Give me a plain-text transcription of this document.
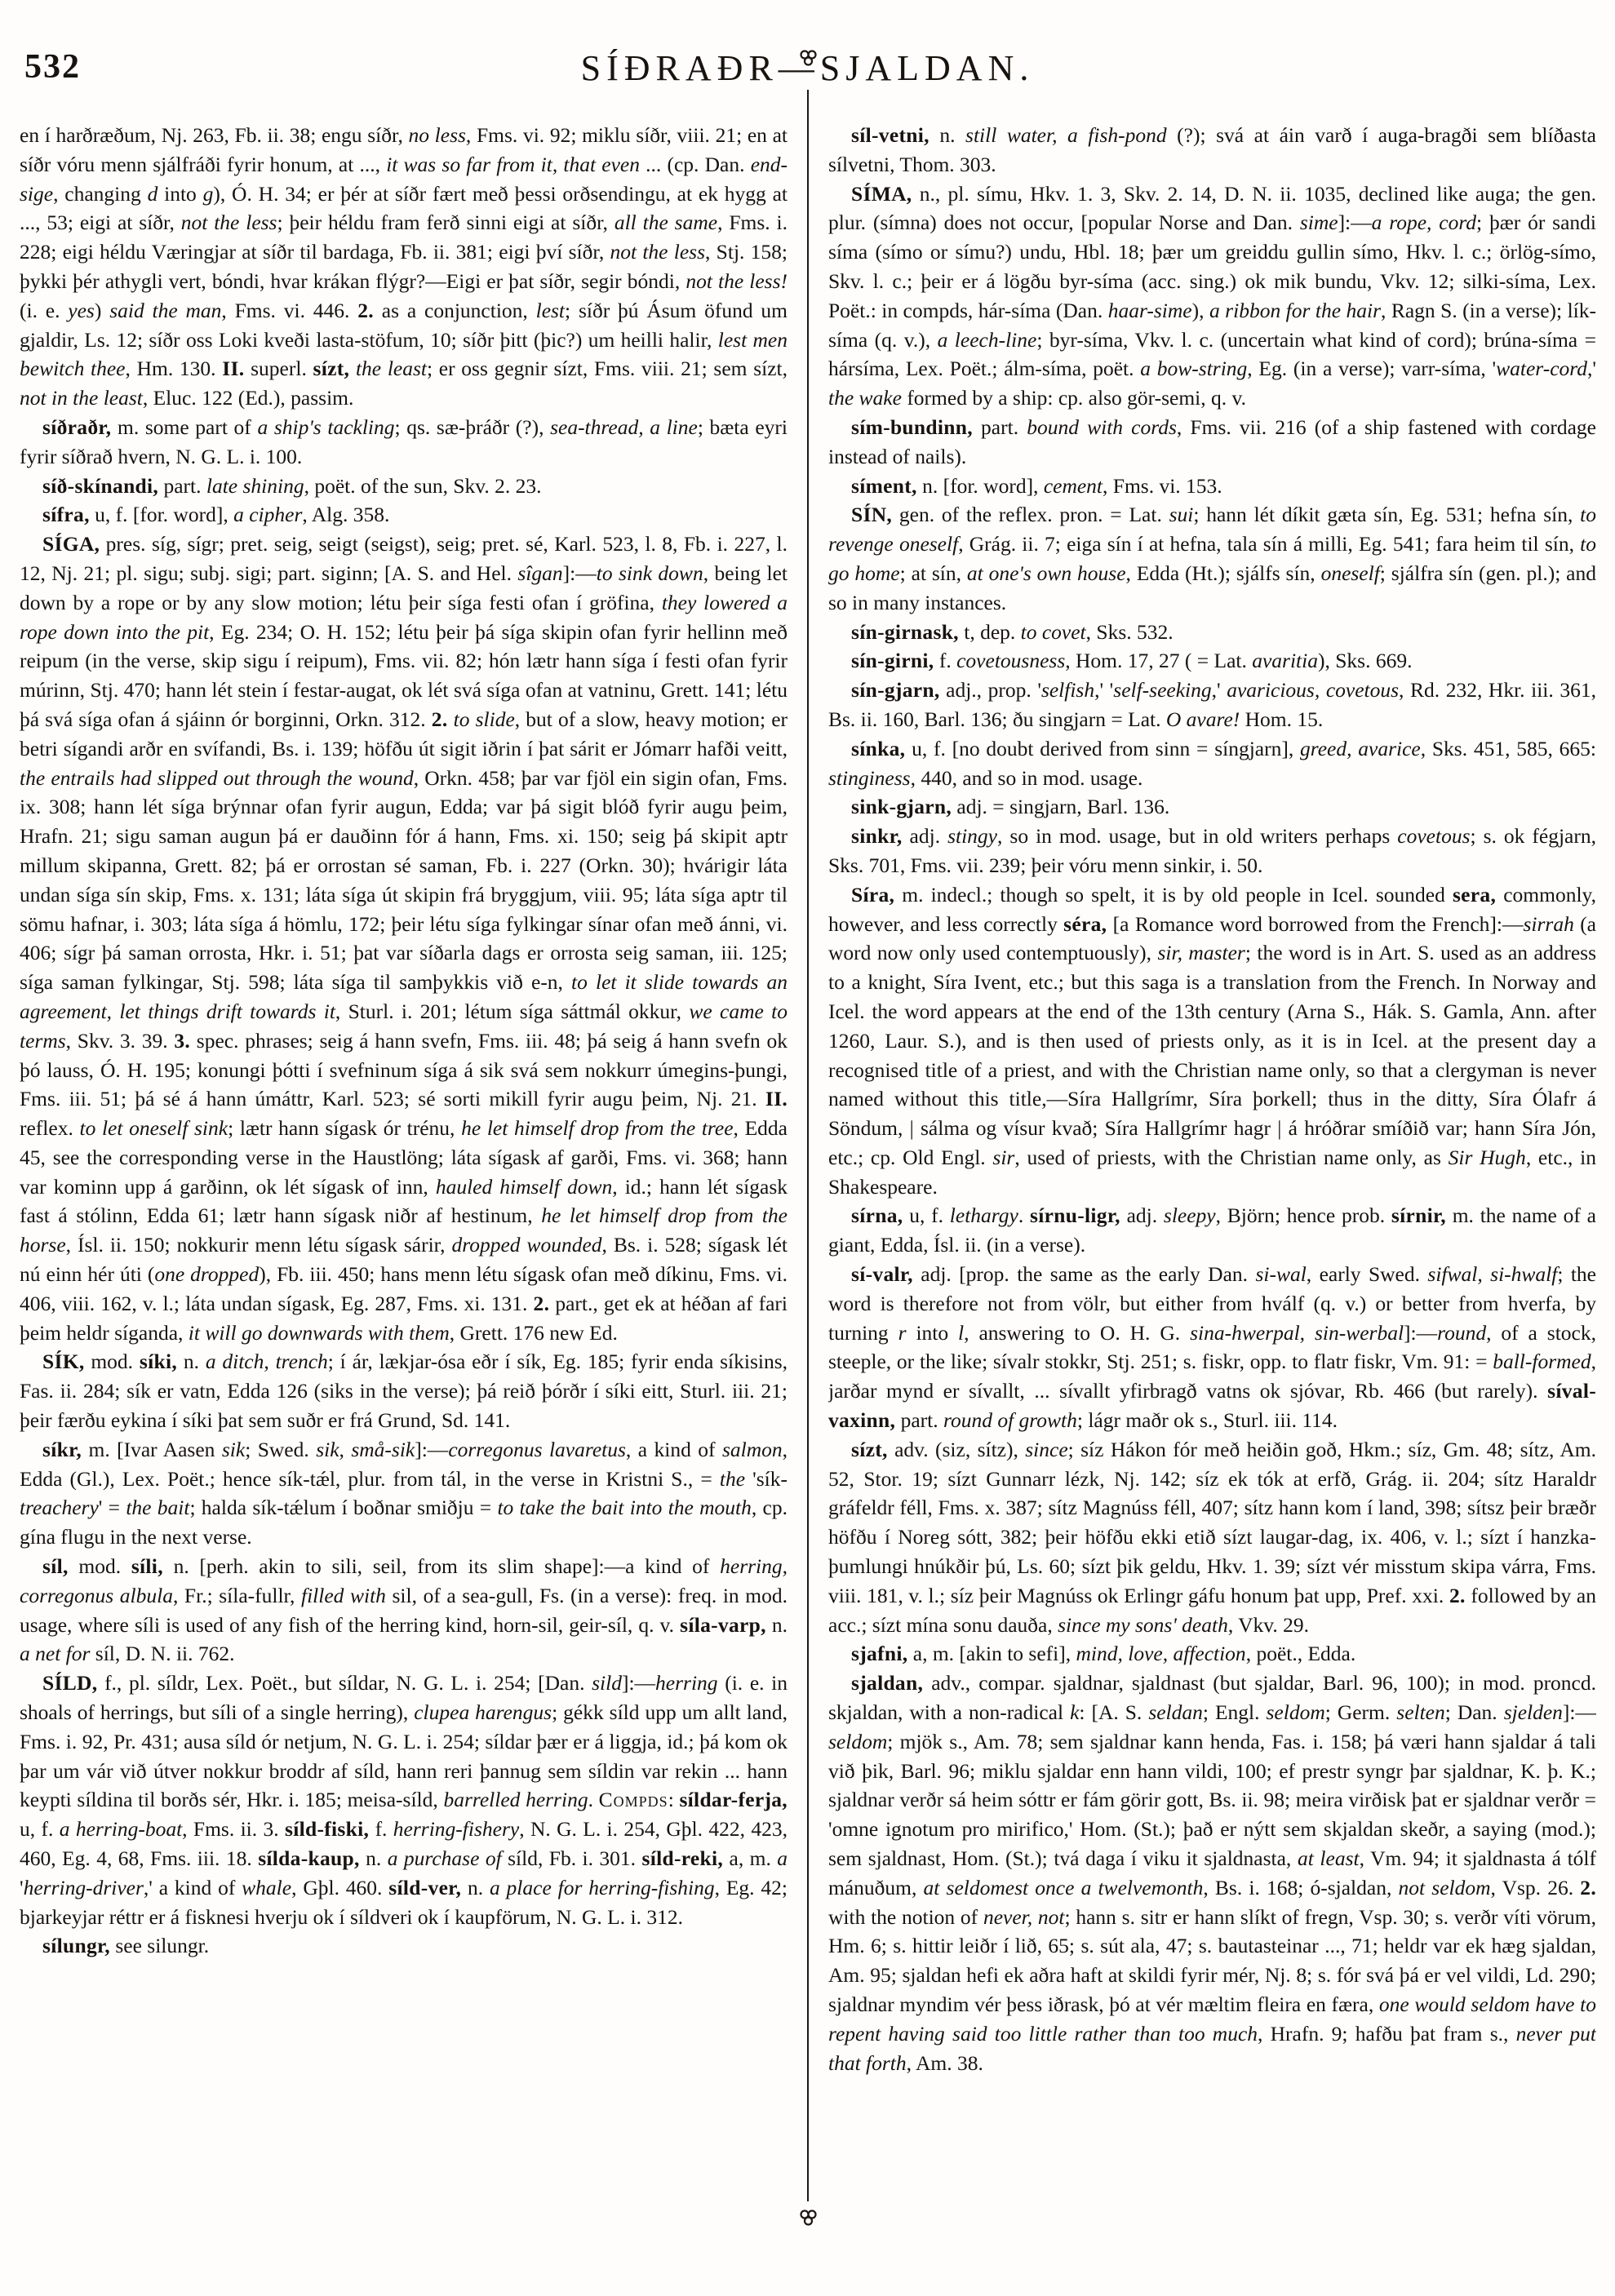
532	SÍÐRAÐR—SJALDAN.

en í harðræðum, Nj. 263, Fb. ii. 38; engu síðr, no less, Fms. vi. 92; miklu síðr, viii. 21; en at síðr vóru menn sjálfráði fyrir honum, at ..., it was so far from it, that even ... (cp. Dan. end-sige, changing d into g), Ó. H. 34; er þér at síðr fært með þessi orðsendingu, at ek hygg at ..., 53; eigi at síðr, not the less; þeir héldu fram ferð sinni eigi at síðr, all the same, Fms. i. 228; eigi héldu Væringjar at síðr til bardaga, Fb. ii. 381; eigi því síðr, not the less, Stj. 158; þykki þér athygli vert, bóndi, hvar krákan flýgr?—Eigi er þat síðr, segir bóndi, not the less! (i. e. yes) said the man, Fms. vi. 446. 2. as a conjunction, lest; síðr þú Ásum öfund um gjaldir, Ls. 12; síðr oss Loki kveði lasta-stöfum, 10; síðr þitt (þic?) um heilli halir, lest men bewitch thee, Hm. 130. II. superl. sízt, the least; er oss gegnir sízt, Fms. viii. 21; sem sízt, not in the least, Eluc. 122 (Ed.), passim.

síðraðr, m. some part of a ship's tackling; qs. sæ-þráðr (?), sea-thread, a line; bæta eyri fyrir síðrað hvern, N. G. L. i. 100.

síð-skínandi, part. late shining, poët. of the sun, Skv. 2. 23.

sífra, u, f. [for. word], a cipher, Alg. 358.

SÍGA, pres. síg, sígr; pret. seig, seigt (seigst), seig; pret. sé, Karl. 523, l. 8, Fb. i. 227, l. 12, Nj. 21; pl. sigu; subj. sigi; part. siginn; [A. S. and Hel. sîgan]:—to sink down, being let down by a rope or by any slow motion; létu þeir síga festi ofan í gröfina, they lowered a rope down into the pit, Eg. 234; O. H. 152; létu þeir þá síga skipin ofan fyrir hellinn með reipum (in the verse, skip sigu í reipum), Fms. vii. 82; hón lætr hann síga í festi ofan fyrir múrinn, Stj. 470; hann lét stein í festar-augat, ok lét svá síga ofan at vatninu, Grett. 141; létu þá svá síga ofan á sjáinn ór borginni, Orkn. 312. 2. to slide, but of a slow, heavy motion; er betri sígandi arðr en svífandi, Bs. i. 139; höfðu út sigit iðrin í þat sárit er Jómarr hafði veitt, the entrails had slipped out through the wound, Orkn. 458; þar var fjöl ein sigin ofan, Fms. ix. 308; hann lét síga brýnnar ofan fyrir augun, Edda; var þá sigit blóð fyrir augu þeim, Hrafn. 21; sigu saman augun þá er dauðinn fór á hann, Fms. xi. 150; seig þá skipit aptr millum skipanna, Grett. 82; þá er orrostan sé saman, Fb. i. 227 (Orkn. 30); hvárigir láta undan síga sín skip, Fms. x. 131; láta síga út skipin frá bryggjum, viii. 95; láta síga aptr til sömu hafnar, i. 303; láta síga á hömlu, 172; þeir létu síga fylkingar sínar ofan með ánni, vi. 406; sígr þá saman orrosta, Hkr. i. 51; þat var síðarla dags er orrosta seig saman, iii. 125; síga saman fylkingar, Stj. 598; láta síga til samþykkis við e-n, to let it slide towards an agreement, let things drift towards it, Sturl. i. 201; létum síga sáttmál okkur, we came to terms, Skv. 3. 39. 3. spec. phrases; seig á hann svefn, Fms. iii. 48; þá seig á hann svefn ok þó lauss, Ó. H. 195; konungi þótti í svefninum síga á sik svá sem nokkurr úmegins-þungi, Fms. iii. 51; þá sé á hann úmáttr, Karl. 523; sé sorti mikill fyrir augu þeim, Nj. 21. II. reflex. to let oneself sink; lætr hann sígask ór trénu, he let himself drop from the tree, Edda 45, see the corresponding verse in the Haustlöng; láta sígask af garði, Fms. vi. 368; hann var kominn upp á garðinn, ok lét sígask of inn, hauled himself down, id.; hann lét sígask fast á stólinn, Edda 61; lætr hann sígask niðr af hestinum, he let himself drop from the horse, Ísl. ii. 150; nokkurir menn létu sígask sárir, dropped wounded, Bs. i. 528; sígask lét nú einn hér úti (one dropped), Fb. iii. 450; hans menn létu sígask ofan með díkinu, Fms. vi. 406, viii. 162, v. l.; láta undan sígask, Eg. 287, Fms. xi. 131. 2. part., get ek at héðan af fari þeim heldr síganda, it will go downwards with them, Grett. 176 new Ed.

SÍK, mod. síki, n. a ditch, trench; í ár, lækjar-ósa eðr í sík, Eg. 185; fyrir enda síkisins, Fas. ii. 284; sík er vatn, Edda 126 (siks in the verse); þá reið þórðr í síki eitt, Sturl. iii. 21; þeir færðu eykina í síki þat sem suðr er frá Grund, Sd. 141.

síkr, m. [Ivar Aasen sik; Swed. sik, små-sik]:—corregonus lavaretus, a kind of salmon, Edda (Gl.), Lex. Poët.; hence sík-tǽl, plur. from tál, in the verse in Kristni S., = the 'sík-treachery' = the bait; halda sík-tǽlum í boðnar smiðju = to take the bait into the mouth, cp. gína flugu in the next verse.

síl, mod. síli, n. [perh. akin to sili, seil, from its slim shape]:—a kind of herring, corregonus albula, Fr.; síla-fullr, filled with sil, of a sea-gull, Fs. (in a verse): freq. in mod. usage, where síli is used of any fish of the herring kind, horn-sil, geir-síl, q. v. síla-varp, n. a net for síl, D. N. ii. 762.

SÍLD, f., pl. síldr, Lex. Poët., but síldar, N. G. L. i. 254; [Dan. sild]:—herring (i. e. in shoals of herrings, but síli of a single herring), clupea harengus; gékk síld upp um allt land, Fms. i. 92, Pr. 431; ausa síld ór netjum, N. G. L. i. 254; síldar þær er á liggja, id.; þá kom ok þar um vár við útver nokkur broddr af síld, hann reri þannug sem síldin var rekin ... hann keypti síldina til borðs sér, Hkr. i. 185; meisa-síld, barrelled herring. Compds: síldar-ferja, u, f. a herring-boat, Fms. ii. 3. síld-fiski, f. herring-fishery, N. G. L. i. 254, Gþl. 422, 423, 460, Eg. 4, 68, Fms. iii. 18. sílda-kaup, n. a purchase of síld, Fb. i. 301. síld-reki, a, m. a 'herring-driver,' a kind of whale, Gþl. 460. síld-ver, n. a place for herring-fishing, Eg. 42; bjarkeyjar réttr er á fisknesi hverju ok í síldveri ok í kaupförum, N. G. L. i. 312.

sílungr, see silungr.

síl-vetni, n. still water, a fish-pond (?); svá at áin varð í auga-bragði sem blíðasta sílvetni, Thom. 303.

SÍMA, n., pl. símu, Hkv. 1. 3, Skv. 2. 14, D. N. ii. 1035, declined like auga; the gen. plur. (símna) does not occur, [popular Norse and Dan. sime]:—a rope, cord; þær ór sandi síma (símo or símu?) undu, Hbl. 18; þær um greiddu gullin símo, Hkv. l. c.; örlög-símo, Skv. l. c.; þeir er á lögðu byr-síma (acc. sing.) ok mik bundu, Vkv. 12; silki-síma, Lex. Poët.: in compds, hár-síma (Dan. haar-sime), a ribbon for the hair, Ragn S. (in a verse); lík-síma (q. v.), a leech-line; byr-síma, Vkv. l. c. (uncertain what kind of cord); brúna-síma = hársíma, Lex. Poët.; álm-síma, poët. a bow-string, Eg. (in a verse); varr-síma, 'water-cord,' the wake formed by a ship: cp. also gör-semi, q. v.

sím-bundinn, part. bound with cords, Fms. vii. 216 (of a ship fastened with cordage instead of nails).

síment, n. [for. word], cement, Fms. vi. 153.

SÍN, gen. of the reflex. pron. = Lat. sui; hann lét díkit gæta sín, Eg. 531; hefna sín, to revenge oneself, Grág. ii. 7; eiga sín í at hefna, tala sín á milli, Eg. 541; fara heim til sín, to go home; at sín, at one's own house, Edda (Ht.); sjálfs sín, oneself; sjálfra sín (gen. pl.); and so in many instances.

sín-girnask, t, dep. to covet, Sks. 532.

sín-girni, f. covetousness, Hom. 17, 27 ( = Lat. avaritia), Sks. 669.

sín-gjarn, adj., prop. 'selfish,' 'self-seeking,' avaricious, covetous, Rd. 232, Hkr. iii. 361, Bs. ii. 160, Barl. 136; ðu singjarn = Lat. O avare! Hom. 15.

sínka, u, f. [no doubt derived from sinn = síngjarn], greed, avarice, Sks. 451, 585, 665: stinginess, 440, and so in mod. usage.

sink-gjarn, adj. = singjarn, Barl. 136.

sinkr, adj. stingy, so in mod. usage, but in old writers perhaps covetous; s. ok fégjarn, Sks. 701, Fms. vii. 239; þeir vóru menn sinkir, i. 50.

Síra, m. indecl.; though so spelt, it is by old people in Icel. sounded sera, commonly, however, and less correctly séra, [a Romance word borrowed from the French]:—sirrah (a word now only used contemptuously), sir, master; the word is in Art. S. used as an address to a knight, Síra Ivent, etc.; but this saga is a translation from the French. In Norway and Icel. the word appears at the end of the 13th century (Arna S., Hák. S. Gamla, Ann. after 1260, Laur. S.), and is then used of priests only, as it is in Icel. at the present day a recognised title of a priest, and with the Christian name only, so that a clergyman is never named without this title,—Síra Hallgrímr, Síra þorkell; thus in the ditty, Síra Ólafr á Söndum, | sálma og vísur kvað; Síra Hallgrímr hagr | á hróðrar smíðið var; hann Síra Jón, etc.; cp. Old Engl. sir, used of priests, with the Christian name only, as Sir Hugh, etc., in Shakespeare.

sírna, u, f. lethargy. sírnu-ligr, adj. sleepy, Björn; hence prob. sírnir, m. the name of a giant, Edda, Ísl. ii. (in a verse).

sí-valr, adj. [prop. the same as the early Dan. si-wal, early Swed. sifwal, si-hwalf; the word is therefore not from völr, but either from hválf (q. v.) or better from hverfa, by turning r into l, answering to O. H. G. sina-hwerpal, sin-werbal]:—round, of a stock, steeple, or the like; sívalr stokkr, Stj. 251; s. fiskr, opp. to flatr fiskr, Vm. 91: = ball-formed, jarðar mynd er sívallt, ... sívallt yfirbragð vatns ok sjóvar, Rb. 466 (but rarely). síval-vaxinn, part. round of growth; lágr maðr ok s., Sturl. iii. 114.

sízt, adv. (siz, sítz), since; síz Hákon fór með heiðin goð, Hkm.; síz, Gm. 48; sítz, Am. 52, Stor. 19; sízt Gunnarr lézk, Nj. 142; síz ek tók at erfð, Grág. ii. 204; sítz Haraldr gráfeldr féll, Fms. x. 387; sítz Magnúss féll, 407; sítz hann kom í land, 398; sítsz þeir bræðr höfðu í Noreg sótt, 382; þeir höfðu ekki etið sízt laugar-dag, ix. 406, v. l.; sízt í hanzka-þumlungi hnúkðir þú, Ls. 60; sízt þik geldu, Hkv. 1. 39; sízt vér misstum skipa várra, Fms. viii. 181, v. l.; síz þeir Magnúss ok Erlingr gáfu honum þat upp, Pref. xxi. 2. followed by an acc.; sízt mína sonu dauða, since my sons' death, Vkv. 29.

sjafni, a, m. [akin to sefi], mind, love, affection, poët., Edda.

sjaldan, adv., compar. sjaldnar, sjaldnast (but sjaldar, Barl. 96, 100); in mod. proncd. skjaldan, with a non-radical k: [A. S. seldan; Engl. seldom; Germ. selten; Dan. sjelden]:—seldom; mjök s., Am. 78; sem sjaldnar kann henda, Fas. i. 158; þá væri hann sjaldar á tali við þik, Barl. 96; miklu sjaldar enn hann vildi, 100; ef prestr syngr þar sjaldnar, K. þ. K.; sjaldnar verðr sá heim sóttr er fám görir gott, Bs. ii. 98; meira virðisk þat er sjaldnar verðr = 'omne ignotum pro mirifico,' Hom. (St.); það er nýtt sem skjaldan skeðr, a saying (mod.); sem sjaldnast, Hom. (St.); tvá daga í viku it sjaldnasta, at least, Vm. 94; it sjaldnasta á tólf mánuðum, at seldomest once a twelvemonth, Bs. i. 168; ó-sjaldan, not seldom, Vsp. 26. 2. with the notion of never, not; hann s. sitr er hann slíkt of fregn, Vsp. 30; s. verðr víti vörum, Hm. 6; s. hittir leiðr í lið, 65; s. sút ala, 47; s. bautasteinar ..., 71; heldr var ek hæg sjaldan, Am. 95; sjaldan hefi ek aðra haft at skildi fyrir mér, Nj. 8; s. fór svá þá er vel vildi, Ld. 290; sjaldnar myndim vér þess iðrask, þó at vér mæltim fleira en færa, one would seldom have to repent having said too little rather than too much, Hrafn. 9; hafðu þat fram s., never put that forth, Am. 38.
